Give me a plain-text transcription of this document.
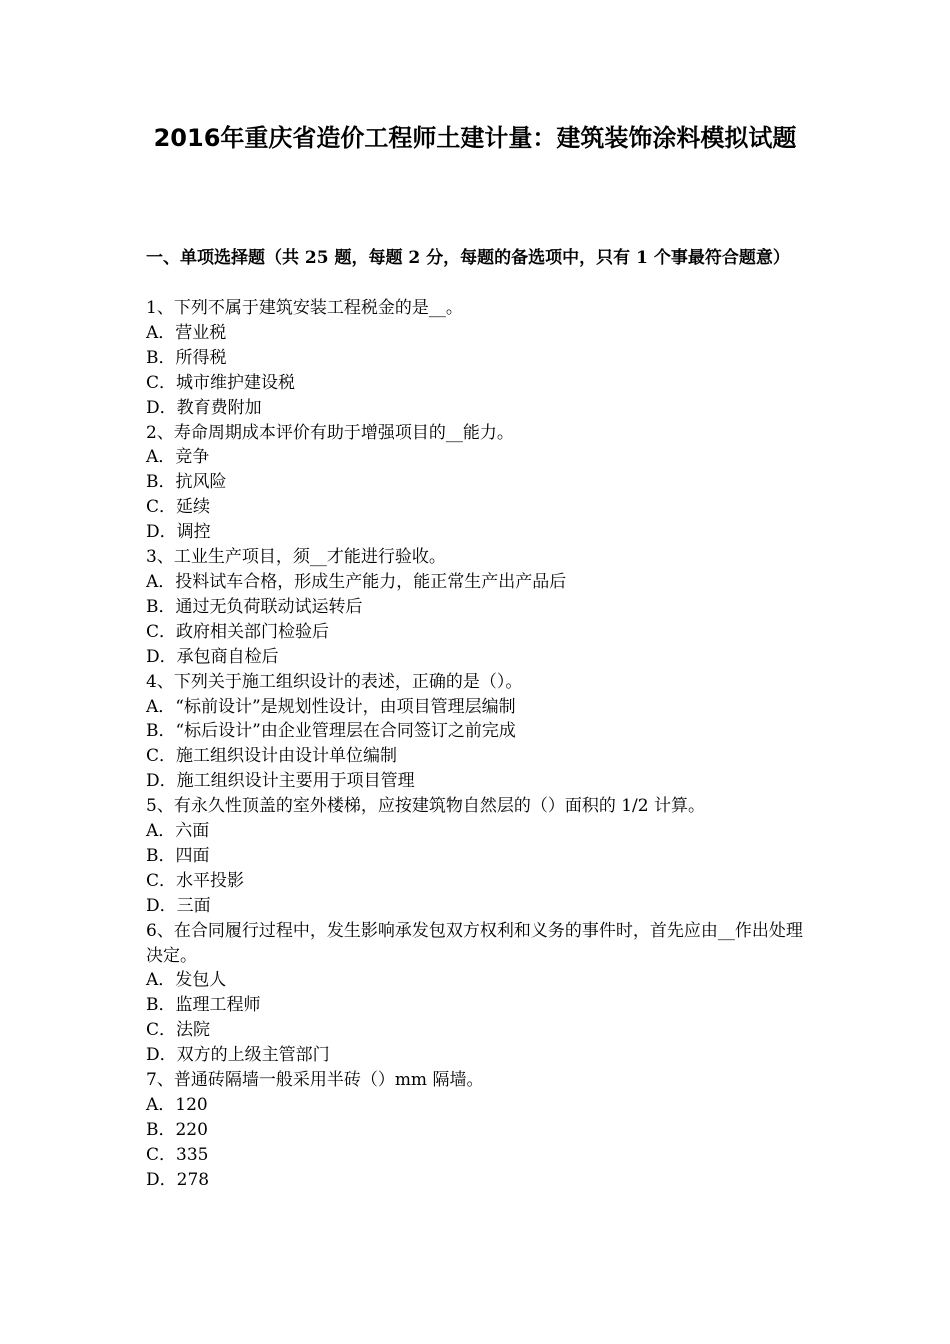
2016年重庆省造价工程师土建计量：建筑装饰涂料模拟试题

一、单项选择题（共 25 题，每题 2 分，每题的备选项中，只有 1 个事最符合题意）

1、下列不属于建筑安装工程税金的是__。
A．营业税
B．所得税
C．城市维护建设税
D．教育费附加
2、寿命周期成本评价有助于增强项目的__能力。
A．竞争
B．抗风险
C．延续
D．调控
3、工业生产项目，须__才能进行验收。
A．投料试车合格，形成生产能力，能正常生产出产品后
B．通过无负荷联动试运转后
C．政府相关部门检验后
D．承包商自检后
4、下列关于施工组织设计的表述，正确的是（）。
A．“标前设计”是规划性设计，由项目管理层编制
B．“标后设计”由企业管理层在合同签订之前完成
C．施工组织设计由设计单位编制
D．施工组织设计主要用于项目管理
5、有永久性顶盖的室外楼梯，应按建筑物自然层的（）面积的 1/2 计算。
A．六面
B．四面
C．水平投影
D．三面
6、在合同履行过程中，发生影响承发包双方权利和义务的事件时，首先应由__作出处理决定。
A．发包人
B．监理工程师
C．法院
D．双方的上级主管部门
7、普通砖隔墙一般采用半砖（）mm 隔墙。
A．120
B．220
C．335
D．278
